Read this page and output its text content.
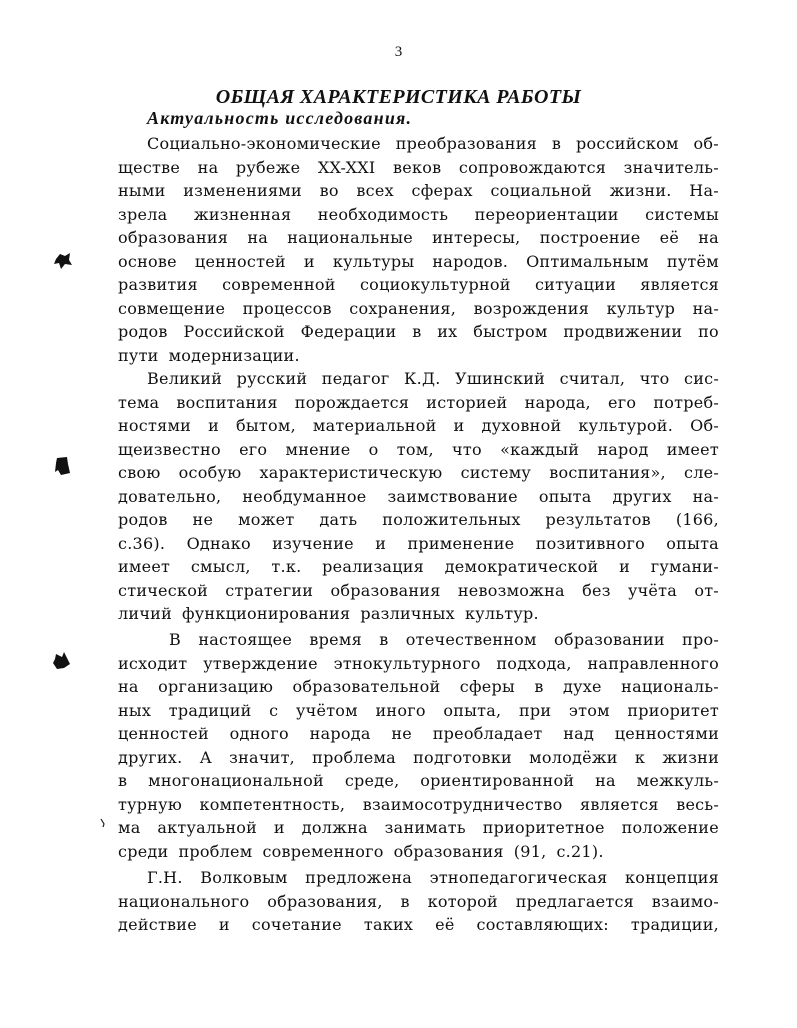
3
ОБЩАЯ ХАРАКТЕРИСТИКА РАБОТЫ
Актуальность исследования.
Социально-экономические преобразования в российском об-
ществе на рубеже XX-XXI веков сопровождаются значитель-
ными изменениями во всех сферах социальной жизни. На-
зрела жизненная необходимость переориентации системы
образования на национальные интересы, построение её на
основе ценностей и культуры народов. Оптимальным путём
развития современной социокультурной ситуации является
совмещение процессов сохранения, возрождения культур на-
родов Российской Федерации в их быстром продвижении по
пути модернизации.
Великий русский педагог К.Д. Ушинский считал, что сис-
тема воспитания порождается историей народа, его потреб-
ностями и бытом, материальной и духовной культурой. Об-
щеизвестно его мнение о том, что «каждый народ имеет
свою особую характеристическую систему воспитания», сле-
довательно, необдуманное заимствование опыта других на-
родов не может дать положительных результатов (166,
с.36). Однако изучение и применение позитивного опыта
имеет смысл, т.к. реализация демократической и гумани-
стической стратегии образования невозможна без учёта от-
личий функционирования различных культур.
В настоящее время в отечественном образовании про-
исходит утверждение этнокультурного подхода, направленного
на организацию образовательной сферы в духе националь-
ных традиций с учётом иного опыта, при этом приоритет
ценностей одного народа не преобладает над ценностями
других. А значит, проблема подготовки молодёжи к жизни
в многонациональной среде, ориентированной на межкуль-
турную компетентность, взаимосотрудничество является весь-
ма актуальной и должна занимать приоритетное положение
среди проблем современного образования (91, с.21).
Г.Н. Волковым предложена этнопедагогическая концепция
национального образования, в которой предлагается взаимо-
действие и сочетание таких её составляющих: традиции,
